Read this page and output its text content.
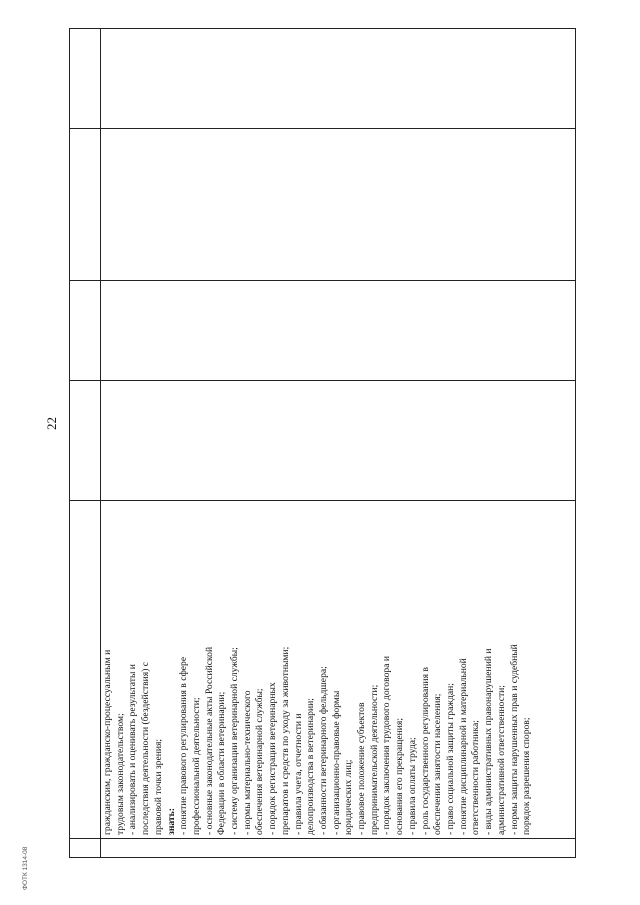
22
гражданским, гражданско-процессуальным и трудовым законодательством; - анализировать и оценивать результаты и последствия деятельности (бездействия) с правовой точки зрения; знать: - понятие правового регулирования в сфере профессиональной деятельности; - основные законодательные акты Российской Федерации в области ветеринарии; - систему организации ветеринарной службы; - нормы материально-технического обеспечения ветеринарной службы; - порядок регистрации ветеринарных препаратов и средств по уходу за животными; - правила учета, отчетности и делопроизводства в ветеринарии; - обязанности ветеринарного фельдшера; - организационно-правовые формы юридических лиц; - правовое положение субъектов предпринимательской деятельности; - порядок заключения трудового договора и основания его прекращения; - правила оплаты труда; - роль государственного регулирования в обеспечении занятости населения; - право социальной защиты граждан; - понятие дисциплинарной и материальной ответственности работника; - виды административных правонарушений и административной ответственности; - нормы защиты нарушенных прав и судебный порядок разрешения споров;
ФОТК 1314-08
